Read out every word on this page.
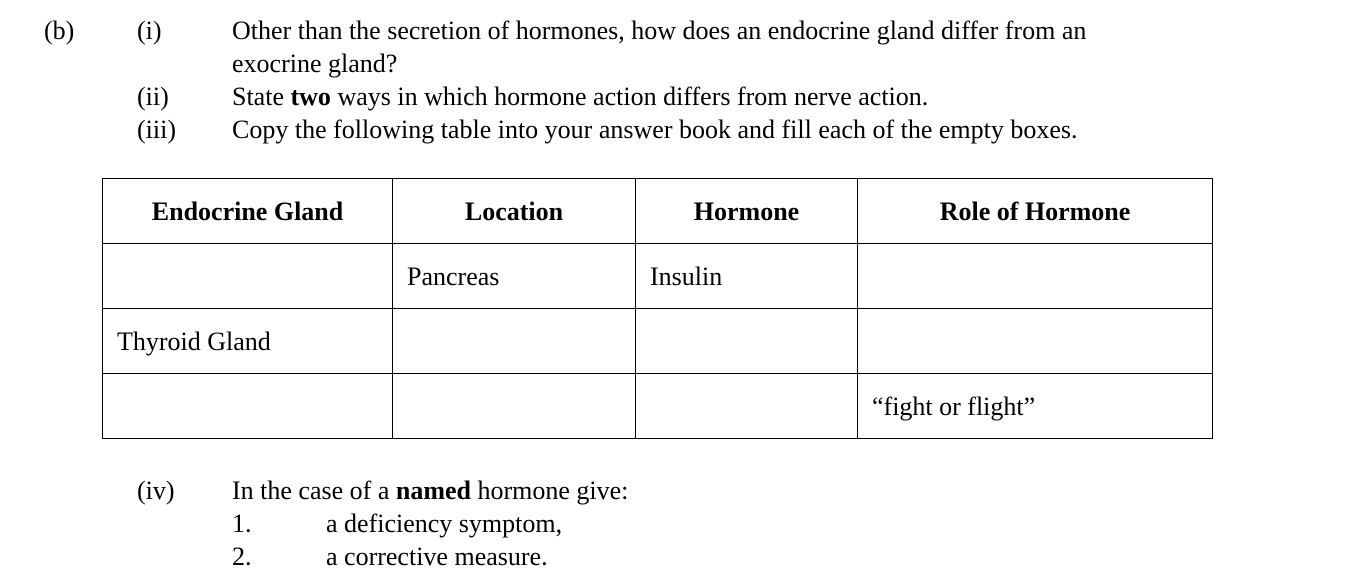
(b) (i)	Other than the secretion of hormones, how does an endocrine gland differ from an
exocrine gland?
(ii) State two ways in which hormone action differs from nerve action.
(iii) Copy the following table into your answer book and fill each of the empty boxes.
Endocrine Gland	Location	Hormone	Role of Hormone
	Pancreas	Insulin	
Thyroid Gland			
			“fight or flight”
(iv) In the case of a named hormone give:
1.	a deficiency symptom,
2.	a corrective measure.
